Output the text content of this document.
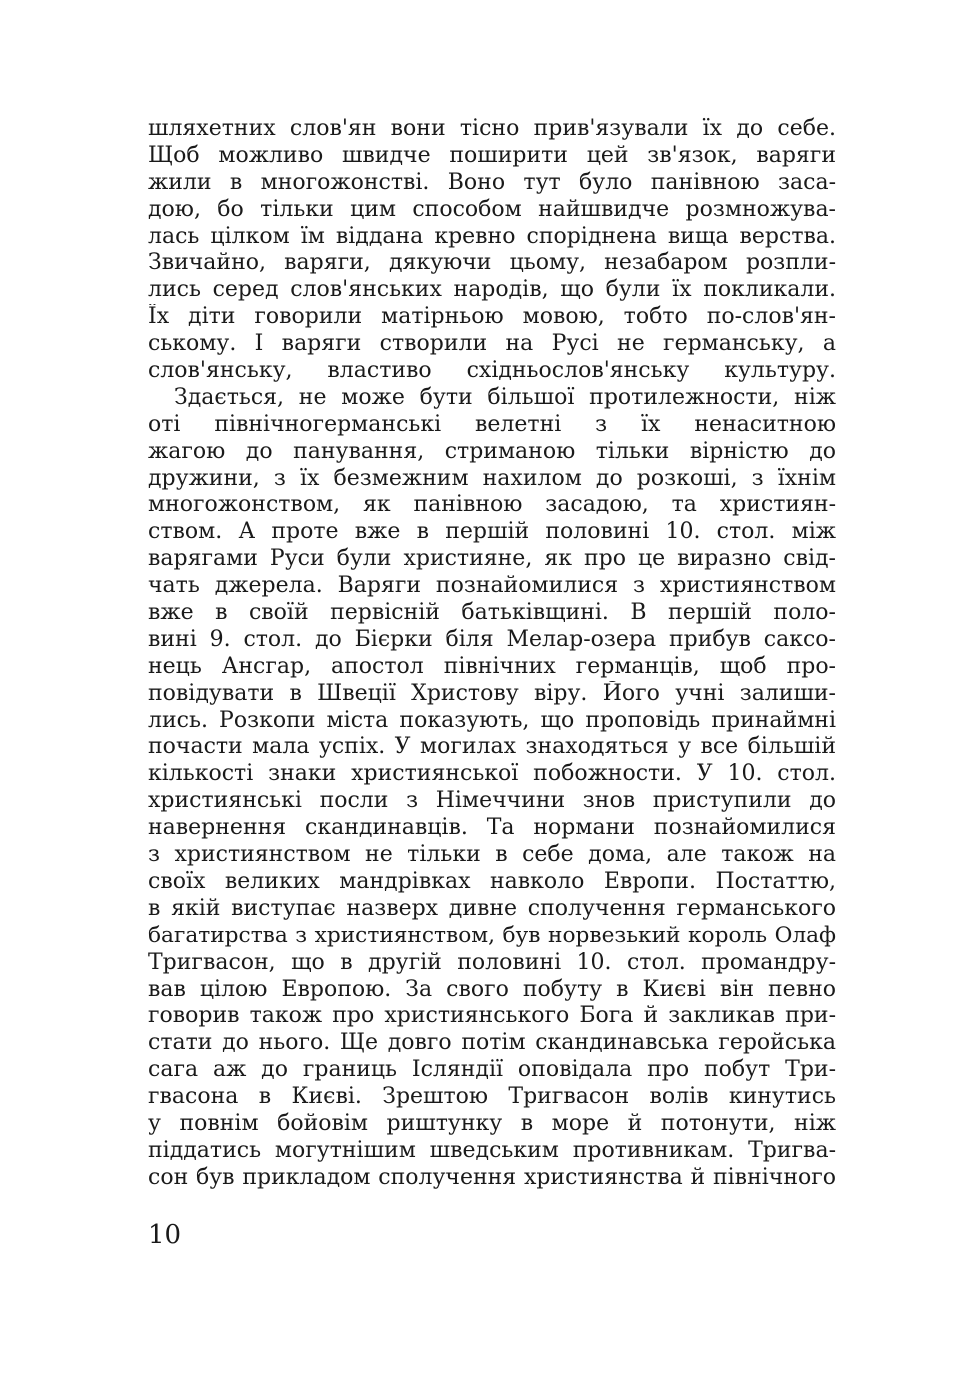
шляхетних слов'ян вони тісно прив'язували їх до себе.
Щоб можливо швидче поширити цей зв'язок, варяги
жили в многожонстві. Воно тут було панівною заса-
дою, бо тільки цим способом найшвидче розмножува-
лась цілком їм віддана кревно споріднена вища верства.
Звичайно, варяги, дякуючи цьому, незабаром розпли-
лись серед слов'янських народів, що були їх покликали.
Їх діти говорили матірньою мовою, тобто по-слов'ян-
ському. І варяги створили на Русі не германську, а
слов'янську, властиво східньослов'янську культуру.
Здається, не може бути більшої протилежности, ніж
оті північногерманські велетні з їх ненаситною
жагою до панування, стриманою тільки вірністю до
дружини, з їх безмежним нахилом до розкоші, з їхнім
многожонством, як панівною засадою, та християн-
ством. А проте вже в першій половині 10. стол. між
варягами Руси були християне, як про це виразно свід-
чать джерела. Варяги познайомилися з християнством
вже в своїй первісній батьківщині. В першій поло-
вині 9. стол. до Бієрки біля Мелар-озера прибув саксо-
нець Ансгар, апостол північних германців, щоб про-
повідувати в Швеції Христову віру. Його учні залиши-
лись. Розкопи міста показують, що проповідь принаймні
почасти мала успіх. У могилах знаходяться у все більшій
кількості знаки християнської побожности. У 10. стол.
християнські посли з Німеччини знов приступили до
навернення скандинавців. Та нормани познайомилися
з християнством не тільки в себе дома, але також на
своїх великих мандрівках навколо Европи. Постаттю,
в якій виступає назверх дивне сполучення германського
багатирства з християнством, був норвезький король Олаф
Тригвасон, що в другій половині 10. стол. промандру-
вав цілою Европою. За свого побуту в Києві він певно
говорив також про християнського Бога й закликав при-
стати до нього. Ще довго потім скандинавська геройська
сага аж до границь Ісляндії оповідала про побут Три-
гвасона в Києві. Зрештою Тригвасон волів кинутись
у повнім бойовім риштунку в море й потонути, ніж
піддатись могутнішим шведським противникам. Тригва-
сон був прикладом сполучення християнства й північного
10
